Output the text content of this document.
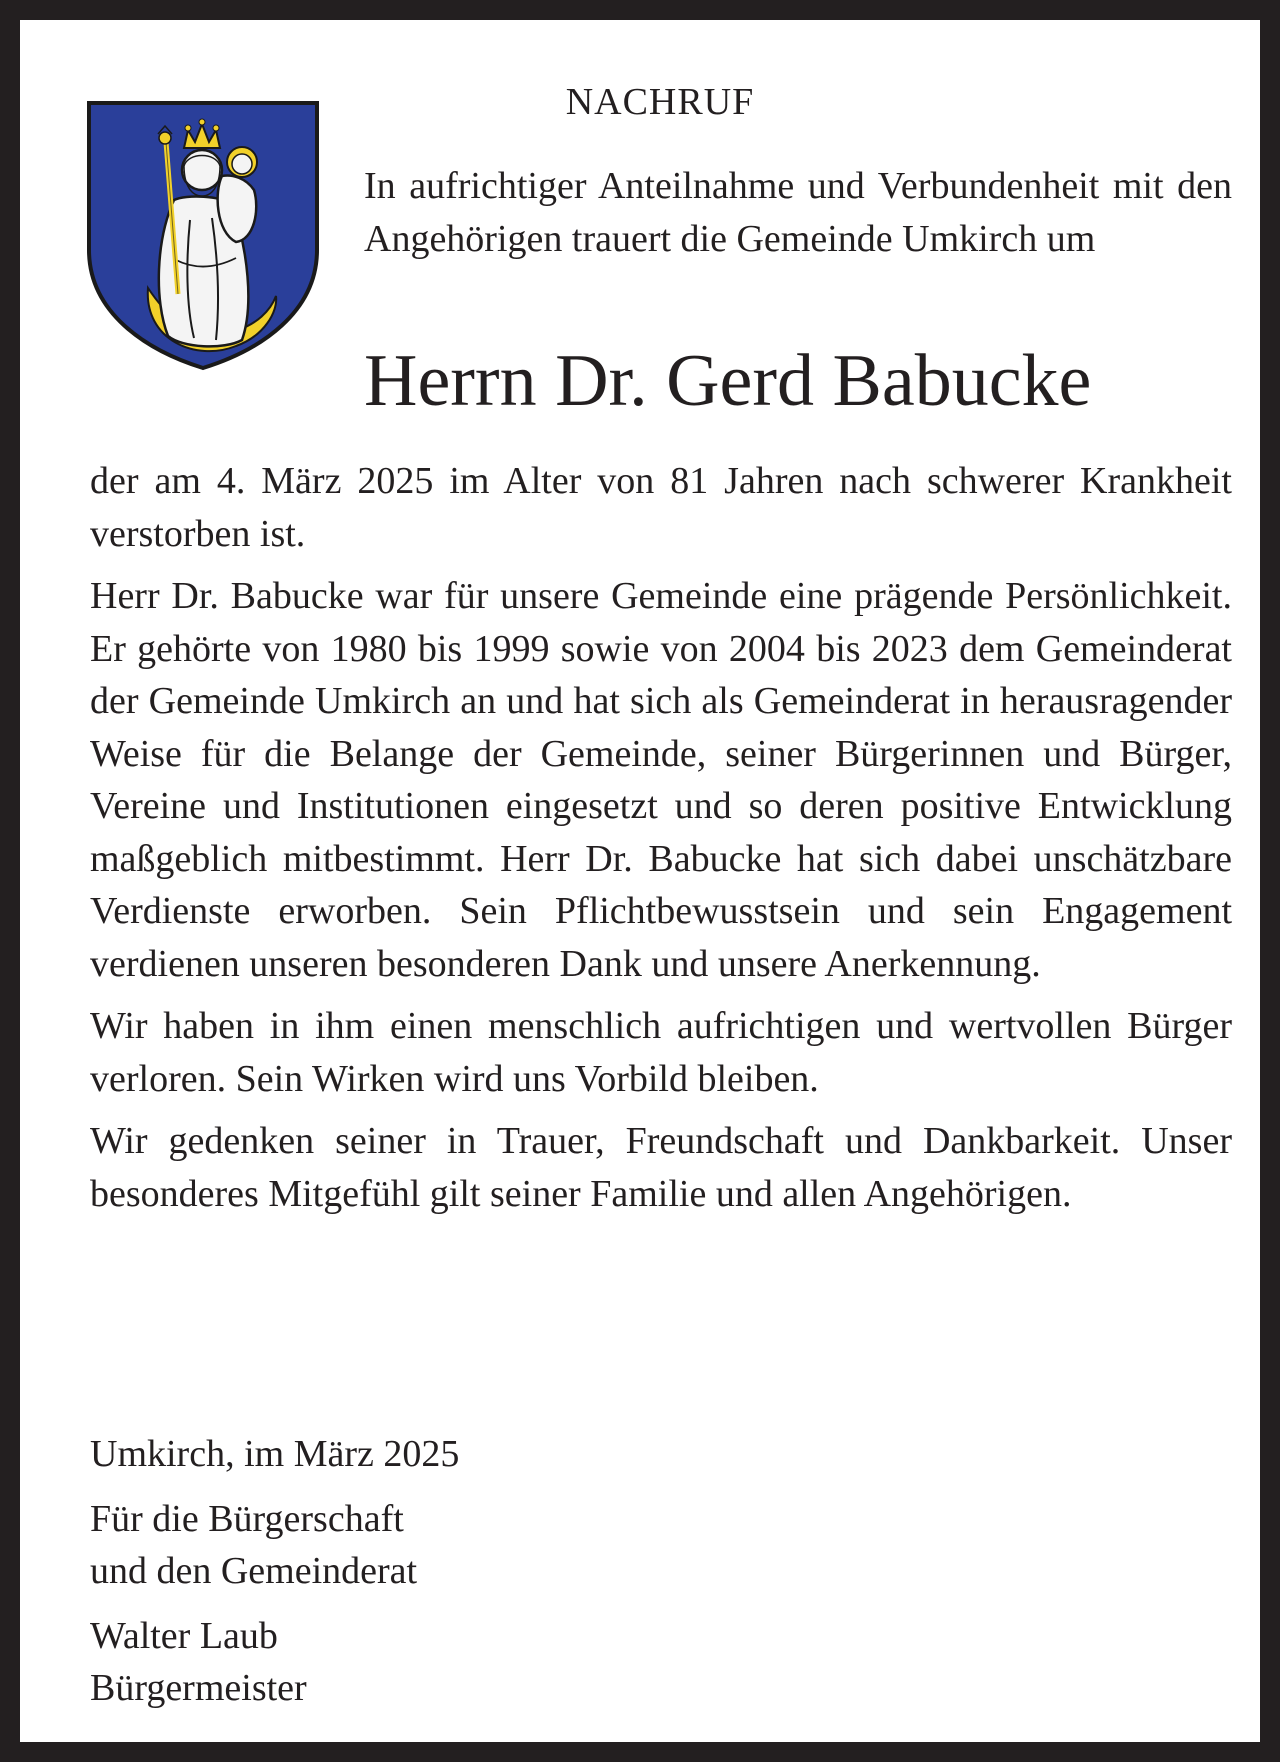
NACHRUF

In aufrichtiger Anteilnahme und Verbundenheit mit den Angehörigen trauert die Gemeinde Umkirch um

Herrn Dr. Gerd Babucke

der am 4. März 2025 im Alter von 81 Jahren nach schwerer Krankheit verstorben ist.

Herr Dr. Babucke war für unsere Gemeinde eine prägende Persönlichkeit. Er gehörte von 1980 bis 1999 sowie von 2004 bis 2023 dem Gemeinderat der Gemeinde Umkirch an und hat sich als Gemeinderat in herausragender Weise für die Belange der Gemeinde, seiner Bürgerinnen und Bürger, Vereine und Institutionen eingesetzt und so deren positive Entwicklung maßgeblich mitbestimmt. Herr Dr. Babucke hat sich dabei unschätzbare Verdienste erworben. Sein Pflichtbewusstsein und sein Engagement verdienen unseren besonderen Dank und unsere Anerkennung.

Wir haben in ihm einen menschlich aufrichtigen und wertvollen Bürger verloren. Sein Wirken wird uns Vorbild bleiben.

Wir gedenken seiner in Trauer, Freundschaft und Dankbarkeit. Unser besonderes Mitgefühl gilt seiner Familie und allen Angehörigen.

Umkirch, im März 2025
Für die Bürgerschaft
und den Gemeinderat
Walter Laub
Bürgermeister
